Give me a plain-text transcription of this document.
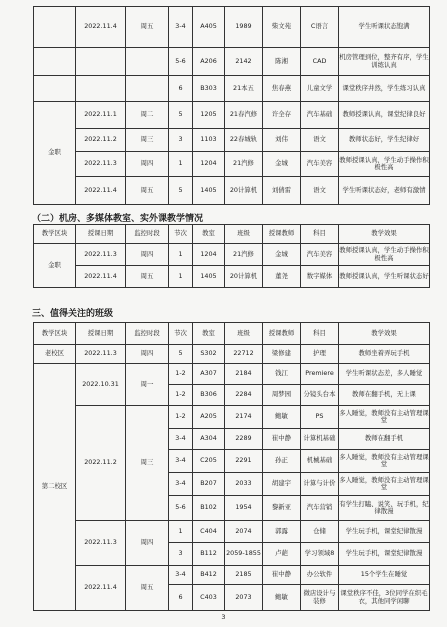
	2022.11.4	周五	3-4	A405	1989	柴文苑	C语言	学生听课状态饱满
			5-6	A206	2142	陈湘	CAD	机房管理到位，整齐有序，学生训练认真
			6	B303	21本五	焦春燕	儿童文学	课堂秩序井然，学生练习认真
金职	2022.11.1	周二	5	1205	21春汽修	许全存	汽车基础	教师授课认真，课堂纪律良好
	2022.11.2	周三	3	1103	22春城轨	刘伟	语文	教师状态好，学生纪律好
	2022.11.3	周四	1	1204	21汽修	金城	汽车美容	教师授课认真，学生动手操作积极性高
	2022.11.4	周五	5	1405	20计算机	刘倩雷	语文	学生听课状态好，老师有激情
（二）机房、多媒体教室、实外课教学情况
教学区块	授课日期	监控时段	节次	教室	班级	授课教师	科目	教学效果
金职	2022.11.3	周四	1	1204	21汽修	金城	汽车美容	教师授课认真，学生动手操作积极性高
	2022.11.4	周五	1	1405	20计算机	董尧	数字媒体	教师授课认真，学生听课状态好
三、值得关注的班级
教学区块	授课日期	监控时段	节次	教室	班级	授课教师	科目	教学效果
老校区	2022.11.3	周四	5	S302	22712	梁修建	护理	教师坐着弄玩手机
第二校区	2022.10.31	周一	1-2	A307	2184	钱江	Premiere	学生听课状态差，多人睡觉
			1-2	B306	2284	周梦园	分镜头台本	教师在翻手机，无上课
	2022.11.2	周三	1-2	A205	2174	鲍敏	PS	多人睡觉，教师没有主动管理课堂
			3-4	A304	2289	崔中静	计算机基础	教师在翻手机
			3-4	C205	2291	孙正	机械基础	多人睡觉，教师没有主动管理课堂
			3-4	B207	2033	胡建宇	计算与计价	多人睡觉，教师没有主动管理课堂
			5-6	B102	1954	黎新亚	汽车营销	有学生打瞌、说笑、玩手机，纪律散漫
	2022.11.3	周四	1	C404	2074	郭露	仓储	学生玩手机，课堂纪律散漫
			3	B112	2059-1855	卢葩	学习领域8	学生玩手机，课堂纪律散漫
	2022.11.4	周五	3-4	B412	2185	崔中静	办公软件	15个学生在睡觉
			6	C403	2073	鲍敏	微店设计与装修	课堂秩序不佳，3位同学在织毛衣，其他同学闲聊
3
